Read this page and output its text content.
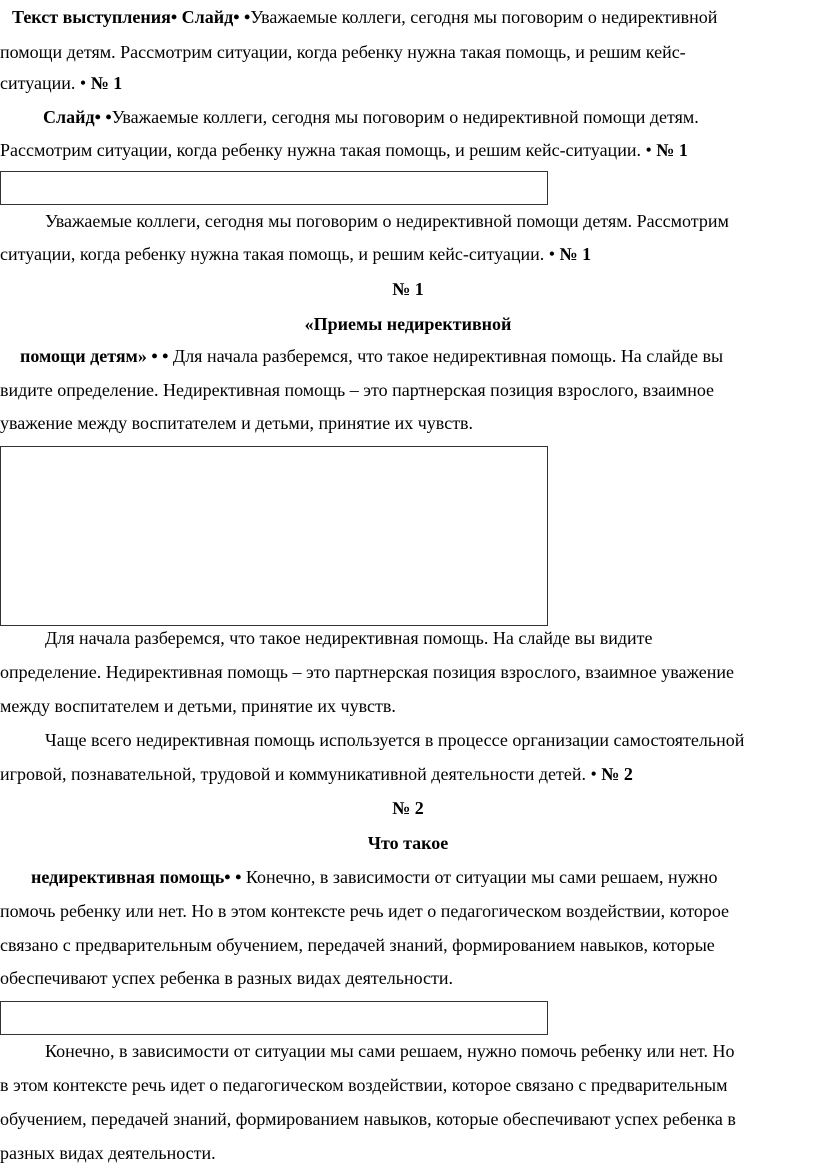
Текст выступления• Слайд• •Уважаемые коллеги, сегодня мы поговорим о недирективной
помощи детям. Рассмотрим ситуации, когда ребенку нужна такая помощь, и решим кейс-
ситуации. • № 1
Слайд• •Уважаемые коллеги, сегодня мы поговорим о недирективной помощи детям.
Рассмотрим ситуации, когда ребенку нужна такая помощь, и решим кейс-ситуации. • № 1
Уважаемые коллеги, сегодня мы поговорим о недирективной помощи детям. Рассмотрим
ситуации, когда ребенку нужна такая помощь, и решим кейс-ситуации. • № 1
№ 1
«Приемы недирективной
помощи детям» • • Для начала разберемся, что такое недирективная помощь. На слайде вы
видите определение. Недирективная помощь – это партнерская позиция взрослого, взаимное
уважение между воспитателем и детьми, принятие их чувств.
Для начала разберемся, что такое недирективная помощь. На слайде вы видите
определение. Недирективная помощь – это партнерская позиция взрослого, взаимное уважение
между воспитателем и детьми, принятие их чувств.
Чаще всего недирективная помощь используется в процессе организации самостоятельной
игровой, познавательной, трудовой и коммуникативной деятельности детей. • № 2
№ 2
Что такое
недирективная помощь• • Конечно, в зависимости от ситуации мы сами решаем, нужно
помочь ребенку или нет. Но в этом контексте речь идет о педагогическом воздействии, которое
связано с предварительным обучением, передачей знаний, формированием навыков, которые
обеспечивают успех ребенка в разных видах деятельности.
Конечно, в зависимости от ситуации мы сами решаем, нужно помочь ребенку или нет. Но
в этом контексте речь идет о педагогическом воздействии, которое связано с предварительным
обучением, передачей знаний, формированием навыков, которые обеспечивают успех ребенка в
разных видах деятельности.
